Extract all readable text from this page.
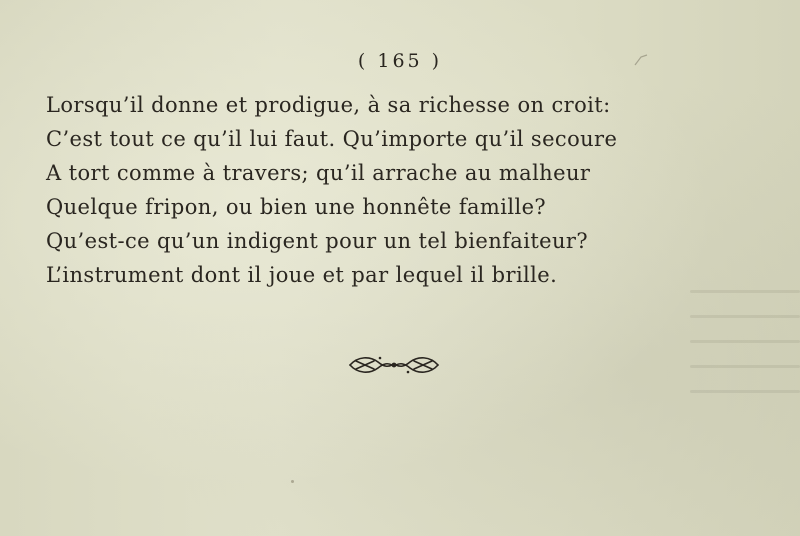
( 165 )
Lorsqu’il donne et prodigue, à sa richesse on croit:
C’est tout ce qu’il lui faut. Qu’importe qu’il secoure
A tort comme à travers; qu’il arrache au malheur
Quelque fripon, ou bien une honnête famille?
Qu’est-ce qu’un indigent pour un tel bienfaiteur?
L’instrument dont il joue et par lequel il brille.
